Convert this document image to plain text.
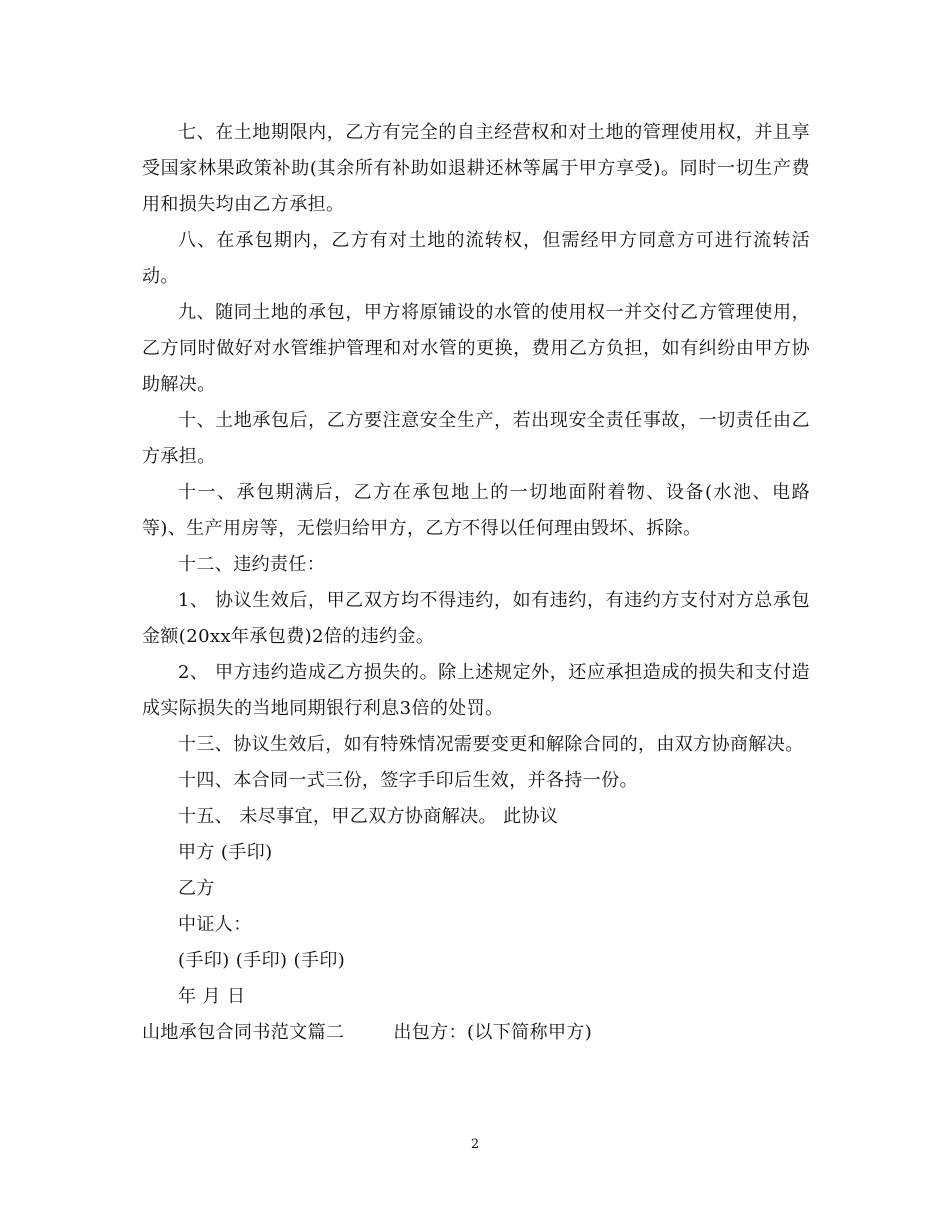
七、在土地期限内，乙方有完全的自主经营权和对土地的管理使用权，并且享受国家林果政策补助(其余所有补助如退耕还林等属于甲方享受)。同时一切生产费用和损失均由乙方承担。

八、在承包期内，乙方有对土地的流转权，但需经甲方同意方可进行流转活动。

九、随同土地的承包，甲方将原铺设的水管的使用权一并交付乙方管理使用，乙方同时做好对水管维护管理和对水管的更换，费用乙方负担，如有纠纷由甲方协助解决。

十、土地承包后，乙方要注意安全生产，若出现安全责任事故，一切责任由乙方承担。

十一、承包期满后，乙方在承包地上的一切地面附着物、设备(水池、电路等)、生产用房等，无偿归给甲方，乙方不得以任何理由毁坏、拆除。

十二、违约责任：

1、 协议生效后，甲乙双方均不得违约，如有违约，有违约方支付对方总承包金额(20xx年承包费)2倍的违约金。

2、 甲方违约造成乙方损失的。除上述规定外，还应承担造成的损失和支付造成实际损失的当地同期银行利息3倍的处罚。

十三、协议生效后，如有特殊情况需要变更和解除合同的，由双方协商解决。

十四、本合同一式三份，签字手印后生效，并各持一份。

十五、 未尽事宜，甲乙双方协商解决。 此协议

甲方 (手印)

乙方

中证人：

(手印) (手印) (手印)

年 月 日

山地承包合同书范文篇二        出包方：(以下简称甲方)

2
